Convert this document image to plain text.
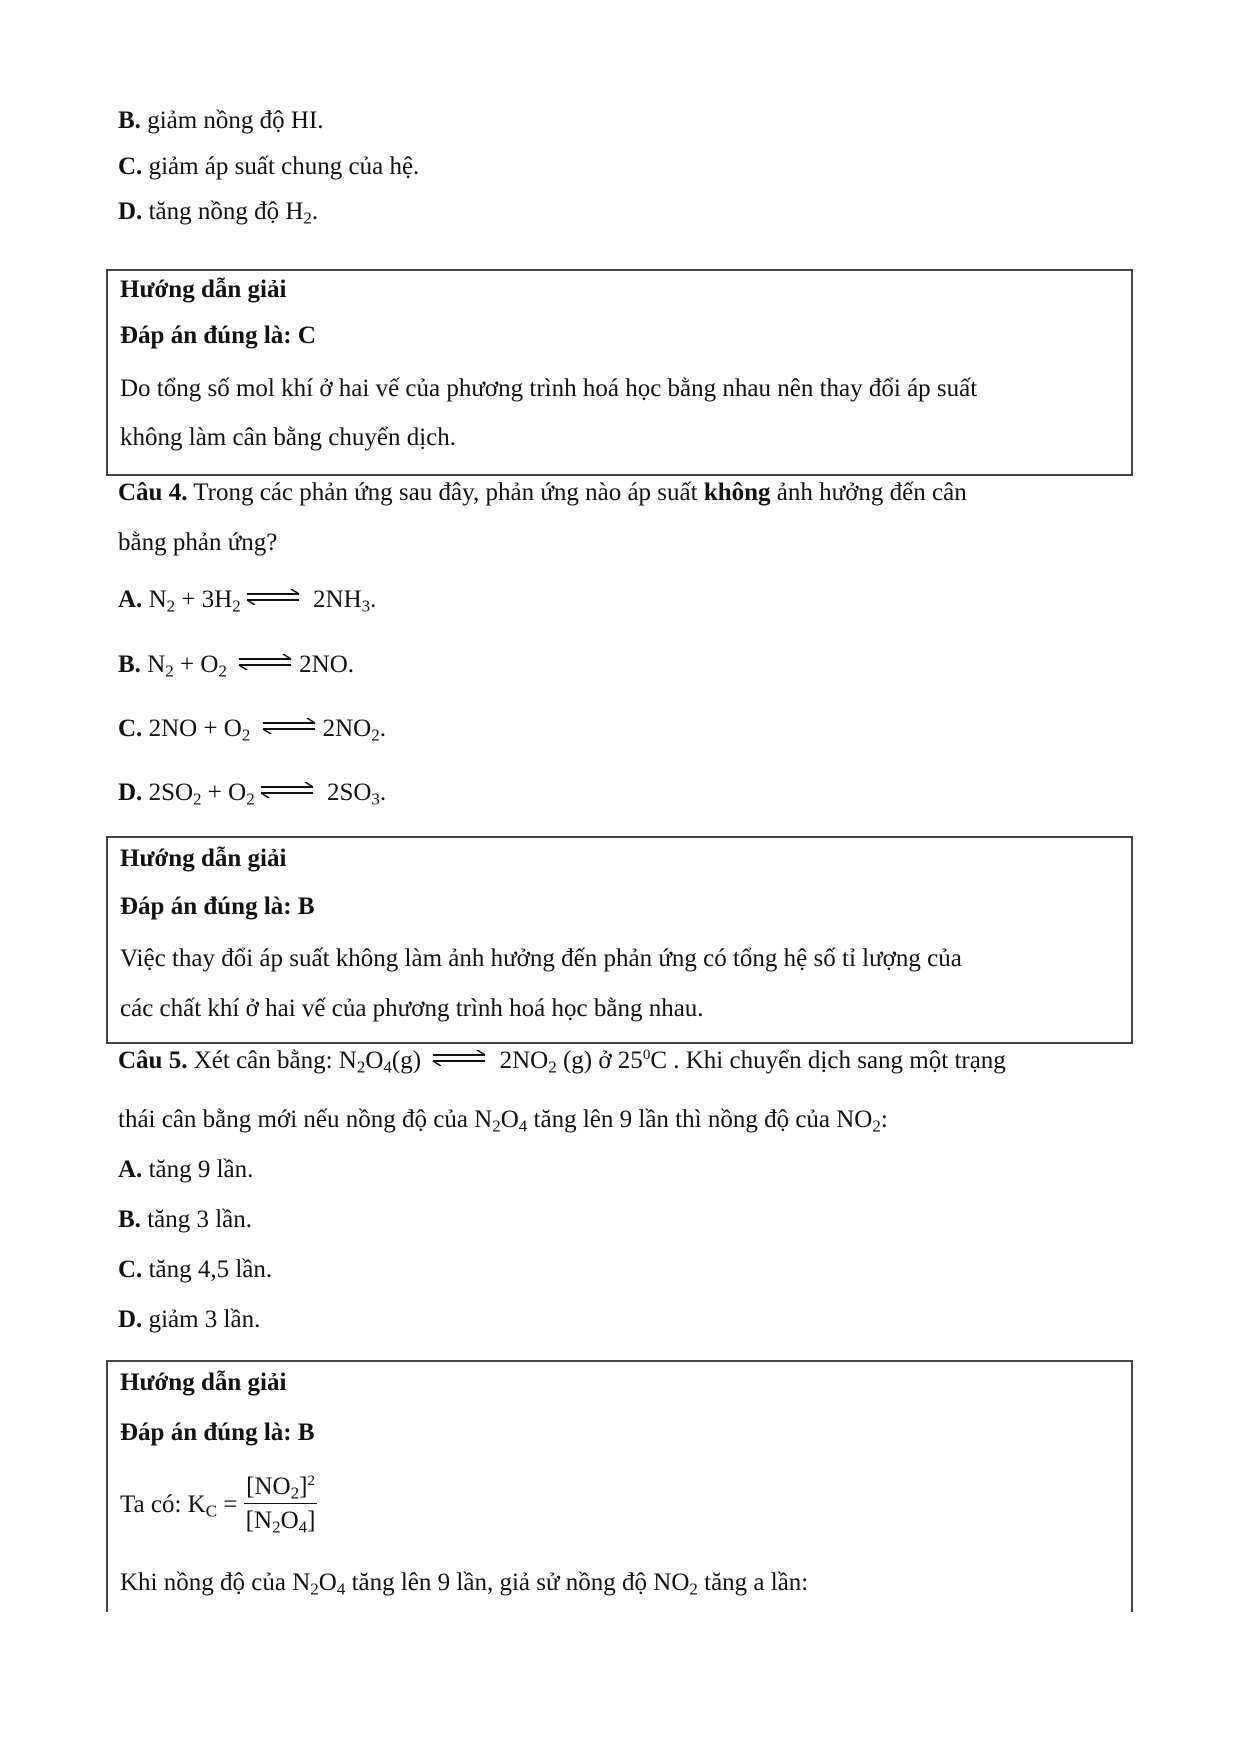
B. giảm nồng độ HI.
C. giảm áp suất chung của hệ.
D. tăng nồng độ $H_2$.
Hướng dẫn giải
Đáp án đúng là: C
Do tổng số mol khí ở hai vế của phương trình hoá học bằng nhau nên thay đổi áp suất
không làm cân bằng chuyển dịch.
Câu 4. Trong các phản ứng sau đây, phản ứng nào áp suất không ảnh hưởng đến cân
bằng phản ứng?
A. $N_2 + 3H_2$ ⇌ $2NH_3$.
B. $N_2 + O_2$ ⇌ 2NO.
C. $2NO + O_2$ ⇌ $2NO_2$.
D. $2SO_2 + O_2$ ⇌ $2SO_3$.
Hướng dẫn giải
Đáp án đúng là: B
Việc thay đổi áp suất không làm ảnh hưởng đến phản ứng có tổng hệ số tỉ lượng của
các chất khí ở hai vế của phương trình hoá học bằng nhau.
Câu 5. Xét cân bằng: $N_2O_4(g)$ ⇌ $2NO_2$ (g) ở $25^0C$ . Khi chuyển dịch sang một trạng
thái cân bằng mới nếu nồng độ của $N_2O_4$ tăng lên 9 lần thì nồng độ của $NO_2$:
A. tăng 9 lần.
B. tăng 3 lần.
C. tăng 4,5 lần.
D. giảm 3 lần.
Hướng dẫn giải
Đáp án đúng là: B
Ta có: $K_C = \frac{[NO_2]^2}{[N_2O_4]}$
Khi nồng độ của $N_2O_4$ tăng lên 9 lần, giả sử nồng độ $NO_2$ tăng a lần:
